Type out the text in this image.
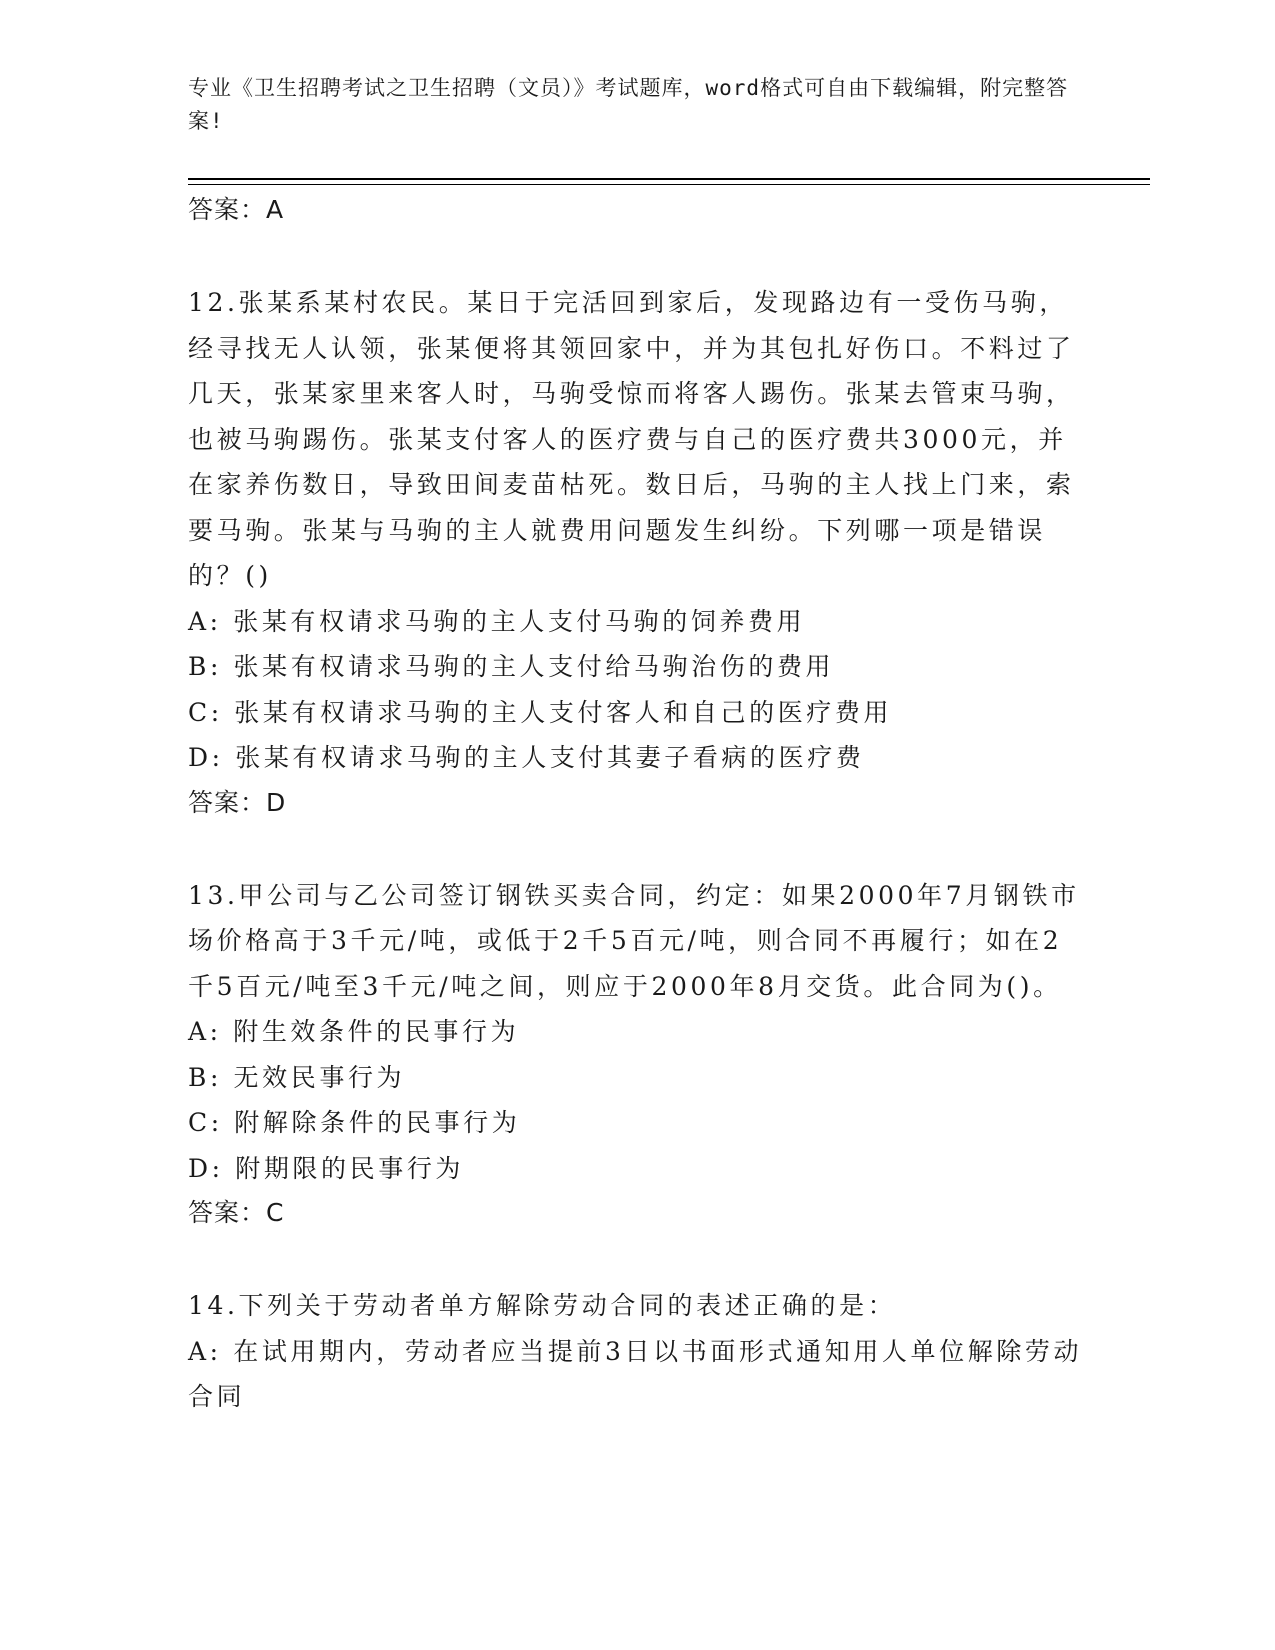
专业《卫生招聘考试之卫生招聘（文员）》考试题库，word格式可自由下载编辑，附完整答案!
答案：A

12.张某系某村农民。某日于完活回到家后，发现路边有一受伤马驹，经寻找无人认领，张某便将其领回家中，并为其包扎好伤口。不料过了几天，张某家里来客人时，马驹受惊而将客人踢伤。张某去管束马驹，也被马驹踢伤。张某支付客人的医疗费与自己的医疗费共3000元，并在家养伤数日，导致田间麦苗枯死。数日后，马驹的主人找上门来，索要马驹。张某与马驹的主人就费用问题发生纠纷。下列哪一项是错误的？()

A: 张某有权请求马驹的主人支付马驹的饲养费用

B: 张某有权请求马驹的主人支付给马驹治伤的费用

C: 张某有权请求马驹的主人支付客人和自己的医疗费用

D: 张某有权请求马驹的主人支付其妻子看病的医疗费

答案：D

13.甲公司与乙公司签订钢铁买卖合同，约定：如果2000年7月钢铁市场价格高于3千元/吨，或低于2千5百元/吨，则合同不再履行；如在2千5百元/吨至3千元/吨之间，则应于2000年8月交货。此合同为()。

A: 附生效条件的民事行为

B: 无效民事行为

C: 附解除条件的民事行为

D: 附期限的民事行为

答案：C

14.下列关于劳动者单方解除劳动合同的表述正确的是：

A: 在试用期内，劳动者应当提前3日以书面形式通知用人单位解除劳动合同
